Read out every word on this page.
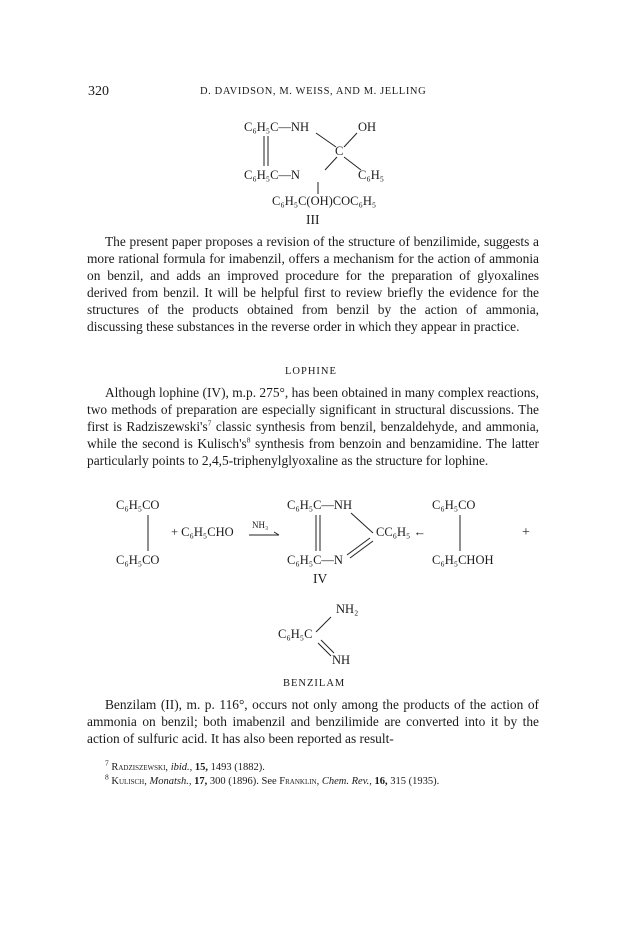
320	D. DAVIDSON, M. WEISS, AND M. JELLING
C₆H₅C—NH	OH
C
C₆H₅C—N	C₆H₅
C₆H₅C(OH)COC₆H₅
III

The present paper proposes a revision of the structure of benzilimide, suggests a more rational formula for imabenzil, offers a mechanism for the action of ammonia on benzil, and adds an improved procedure for the preparation of glyoxalines derived from benzil. It will be helpful first to review briefly the evidence for the structures of the products obtained from benzil by the action of ammonia, discussing these substances in the reverse order in which they appear in practice.

LOPHINE

Although lophine (IV), m.p. 275°, has been obtained in many complex reactions, two methods of preparation are especially significant in structural discussions. The first is Radziszewski's$^7$ classic synthesis from benzil, benzaldehyde, and ammonia, while the second is Kulisch's$^8$ synthesis from benzoin and benzamidine. The latter particularly points to 2,4,5-triphenylglyoxaline as the structure for lophine.

C₆H₅CO
C₆H₅CO
+ C₆H₅CHO NH₃
C₆H₅C—NH
CC₆H₅ ←
C₆H₅C—N
IV
C₆H₅CO
C₆H₅CHOH
+
NH₂
C₆H₅C
NH
BENZILAM

Benzilam (II), m. p. 116°, occurs not only among the products of the action of ammonia on benzil; both imabenzil and benzilimide are converted into it by the action of sulfuric acid. It has also been reported as result-

$^7$ Radziszewski, ibid., 15, 1493 (1882).
$^8$ Kulisch, Monatsh., 17, 300 (1896). See Franklin, Chem. Rev., 16, 315 (1935).
